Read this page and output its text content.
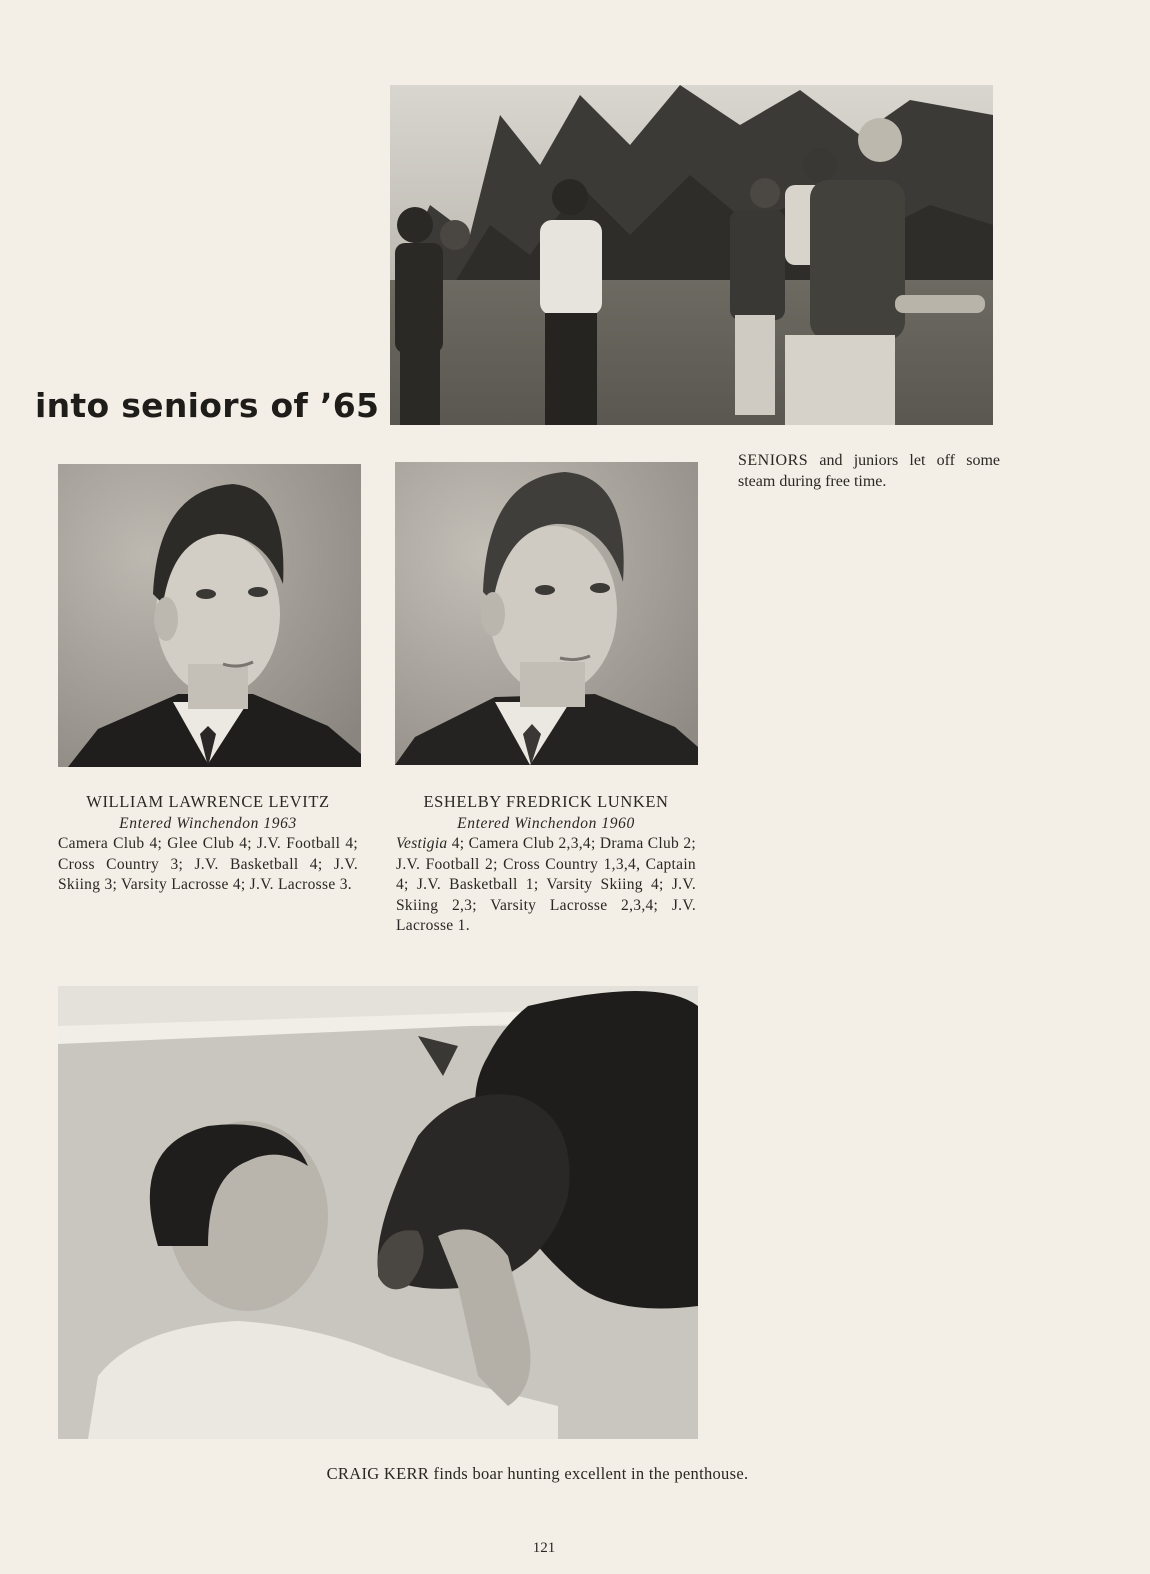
into seniors of ’65
SENIORS and juniors let off some steam during free time.
WILLIAM LAWRENCE LEVITZ
Entered Winchendon 1963
Camera Club 4; Glee Club 4; J.V. Football 4; Cross Country 3; J.V. Basketball 4; J.V. Skiing 3; Varsity Lacrosse 4; J.V. Lacrosse 3.
ESHELBY FREDRICK LUNKEN
Entered Winchendon 1960
Vestigia 4; Camera Club 2,3,4; Drama Club 2; J.V. Football 2; Cross Country 1,3,4, Captain 4; J.V. Basketball 1; Varsity Skiing 4; J.V. Skiing 2,3; Varsity Lacrosse 2,3,4; J.V. Lacrosse 1.
CRAIG KERR finds boar hunting excellent in the penthouse.
121
